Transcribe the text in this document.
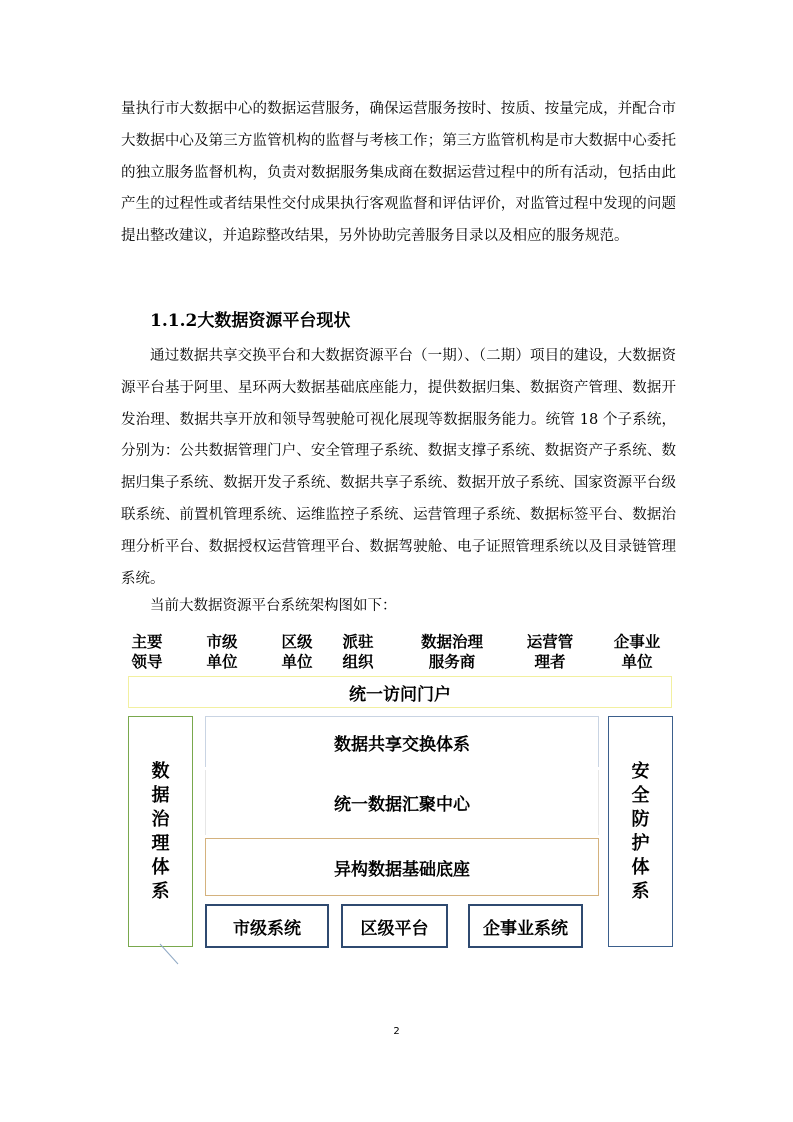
量执行市大数据中心的数据运营服务，确保运营服务按时、按质、按量完成，并配合市大数据中心及第三方监管机构的监督与考核工作；第三方监管机构是市大数据中心委托的独立服务监督机构，负责对数据服务集成商在数据运营过程中的所有活动，包括由此产生的过程性或者结果性交付成果执行客观监督和评估评价，对监管过程中发现的问题提出整改建议，并追踪整改结果，另外协助完善服务目录以及相应的服务规范。
1.1.2大数据资源平台现状
通过数据共享交换平台和大数据资源平台（一期）、（二期）项目的建设，大数据资源平台基于阿里、星环两大数据基础底座能力，提供数据归集、数据资产管理、数据开发治理、数据共享开放和领导驾驶舱可视化展现等数据服务能力。统管 18 个子系统，分别为：公共数据管理门户、安全管理子系统、数据支撑子系统、数据资产子系统、数据归集子系统、数据开发子系统、数据共享子系统、数据开放子系统、国家资源平台级联系统、前置机管理系统、运维监控子系统、运营管理子系统、数据标签平台、数据治理分析平台、数据授权运营管理平台、数据驾驶舱、电子证照管理系统以及目录链管理系统。
当前大数据资源平台系统架构图如下：
主要
领导
市级
单位
区级
单位
派驻
组织
数据治理
服务商
运营管
理者
企事业
单位
统一访问门户
数据治理体系
数据共享交换体系
统一数据汇聚中心
异构数据基础底座
安全防护体系
市级系统	区级平台	企事业系统
2
